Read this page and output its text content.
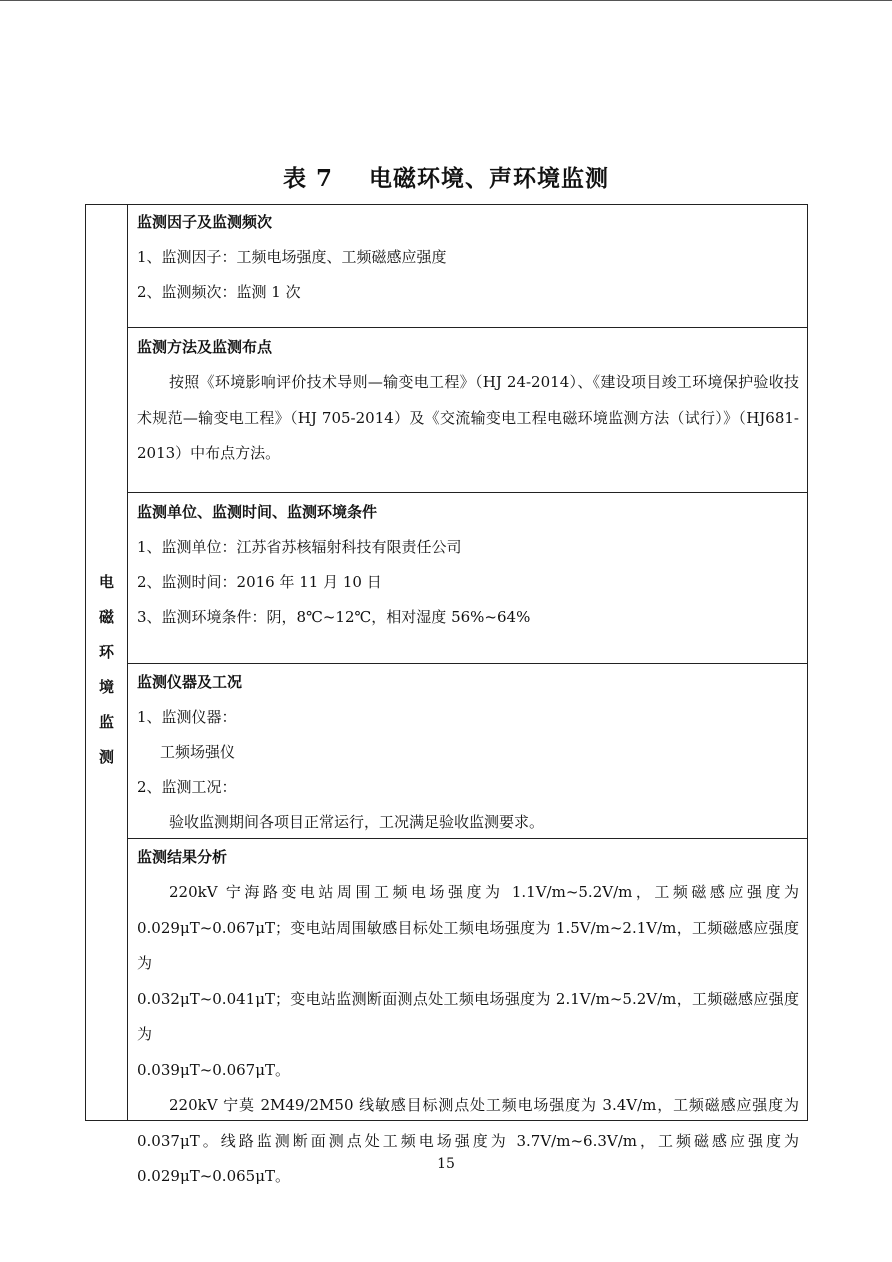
表 7    电磁环境、声环境监测
电
磁
环
境
监
测
监测因子及监测频次
1、监测因子：工频电场强度、工频磁感应强度
2、监测频次：监测 1 次
监测方法及监测布点

按照《环境影响评价技术导则—输变电工程》（HJ 24-2014）、《建设项目竣工环境保护验收技

术规范—输变电工程》（HJ 705-2014）及《交流输变电工程电磁环境监测方法（试行）》（HJ681-

2013）中布点方法。

监测单位、监测时间、监测环境条件
1、监测单位：江苏省苏核辐射科技有限责任公司
2、监测时间：2016 年 11 月 10 日
3、监测环境条件：阴，8℃~12℃，相对湿度 56%~64%
监测仪器及工况
1、监测仪器：
工频场强仪
2、监测工况：
验收监测期间各项目正常运行，工况满足验收监测要求。
监测结果分析

220kV 宁海路变电站周围工频电场强度为 1.1V/m~5.2V/m，工频磁感应强度为

0.029μT~0.067μT；变电站周围敏感目标处工频电场强度为 1.5V/m~2.1V/m，工频磁感应强度为

0.032μT~0.041μT；变电站监测断面测点处工频电场强度为 2.1V/m~5.2V/m，工频磁感应强度为

0.039μT~0.067μT。

220kV 宁莫 2M49/2M50 线敏感目标测点处工频电场强度为 3.4V/m，工频磁感应强度为

0.037μT。线路监测断面测点处工频电场强度为 3.7V/m~6.3V/m，工频磁感应强度为

0.029μT~0.065μT。

15
